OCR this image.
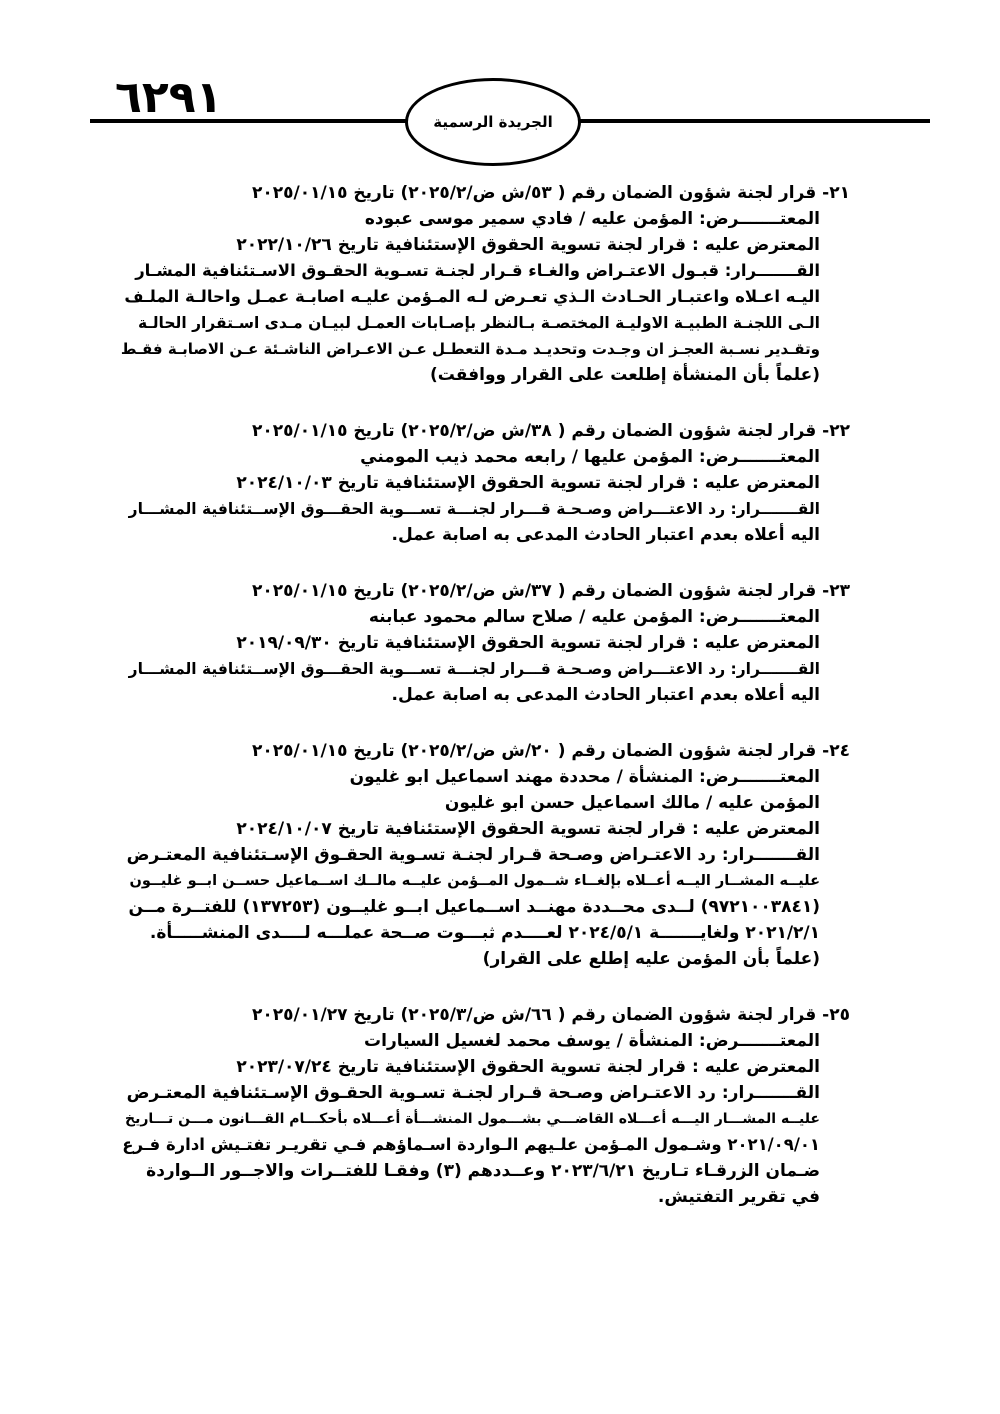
٦٢٩١	الجريدة الرسمية
٢١- قرار لجنة شؤون الضمان رقم ( ٥٣/ش ض/٢٠٢٥/٢) تاريخ ٢٠٢٥/٠١/١٥
المعتـــــــرض: المؤمن عليه / فادي سمير موسى عبوده
المعترض عليه : قرار لجنة تسوية الحقوق الإستئنافية تاريخ ٢٠٢٢/١٠/٢٦
القـــــــرار: قبـول الاعتـراض والغـاء قـرار لجنـة تسـوية الحقـوق الاسـتئنافية المشـار
اليـه اعـلاه واعتبـار الحـادث الـذي تعـرض لـه المـؤمن عليـه اصابـة عمـل واحالـة الملـف
الـى اللجنـة الطبيـة الاوليـة المختصـة بـالنظر بإصـابات العمـل لبيـان مـدى اسـتقرار الحالـة
وتقـدير نسـبة العجـز ان وجـدت وتحديـد مـدة التعطـل عـن الاعـراض الناشـئة عـن الاصابـة فقـط
(علماً بأن المنشأة إطلعت على القرار ووافقت)
٢٢- قرار لجنة شؤون الضمان رقم ( ٣٨/ش ض/٢٠٢٥/٢) تاريخ ٢٠٢٥/٠١/١٥
المعتـــــــرض: المؤمن عليها / رابعه محمد ذيب المومني
المعترض عليه : قرار لجنة تسوية الحقوق الإستئنافية تاريخ ٢٠٢٤/١٠/٠٣
القـــــــرار: رد الاعتـــراض وصـحـة قـــرار لجنـــة تســـوية الحقـــوق الإســتئنافية المشـــار
اليه أعلاه بعدم اعتبار الحادث المدعى به اصابة عمل.
٢٣- قرار لجنة شؤون الضمان رقم ( ٣٧/ش ض/٢٠٢٥/٢) تاريخ ٢٠٢٥/٠١/١٥
المعتـــــــرض: المؤمن عليه / صلاح سالم محمود عبابنه
المعترض عليه : قرار لجنة تسوية الحقوق الإستئنافية تاريخ ٢٠١٩/٠٩/٣٠
القـــــــرار: رد الاعتـــراض وصـحـة قـــرار لجنـــة تســـوية الحقـــوق الإســتئنافية المشـــار
اليه أعلاه بعدم اعتبار الحادث المدعى به اصابة عمل.
٢٤- قرار لجنة شؤون الضمان رقم ( ٢٠/ش ض/٢٠٢٥/٢) تاريخ ٢٠٢٥/٠١/١٥
المعتـــــــرض: المنشأة / محددة مهند اسماعيل ابو غليون
المؤمن عليه / مالك اسماعيل حسن ابو غليون
المعترض عليه : قرار لجنة تسوية الحقوق الإستئنافية تاريخ ٢٠٢٤/١٠/٠٧
القـــــــرار: رد الاعتـراض وصـحة قـرار لجنـة تسـوية الحقـوق الإسـتئنافية المعتـرض
عليــه المشــار اليــه أعــلاه بإلغــاء شــمول المــؤمن عليــه مالــك اســماعيل حســن ابــو غليــون
(٩٧٢١٠٠٣٨٤١) لــدى محــددة مهنــد اســماعيل ابــو غليــون (١٣٧٢٥٣) للفتــرة مــن
٢٠٢١/٢/١ ولغايـــــــة ٢٠٢٤/٥/١ لعــــدم ثبـــوت صــحة عملـــه لــــدى المنشـــــأة.
(علماً بأن المؤمن عليه إطلع على القرار)
٢٥- قرار لجنة شؤون الضمان رقم ( ٦٦/ش ض/٢٠٢٥/٣) تاريخ ٢٠٢٥/٠١/٢٧
المعتـــــــرض: المنشأة / يوسف محمد لغسيل السيارات
المعترض عليه : قرار لجنة تسوية الحقوق الإستئنافية تاريخ ٢٠٢٣/٠٧/٢٤
القـــــــرار: رد الاعتـراض وصـحة قـرار لجنـة تسـوية الحقـوق الإسـتئنافية المعتـرض
عليــه المشـــار اليـــه أعـــلاه القاضـــي بشـــمول المنشـــأة أعـــلاه بأحكـــام القـــانون مـــن تـــاريخ
٢٠٢١/٠٩/٠١ وشـمول المـؤمن علـيهم الـواردة اسـماؤهم فـي تقريـر تفتـيش ادارة فـرع
ضـمان الزرقـاء تـاريخ ٢٠٢٣/٦/٢١ وعــددهم (٣) وفقـا للفتــرات والاجــور الــواردة
في تقرير التفتيش.
